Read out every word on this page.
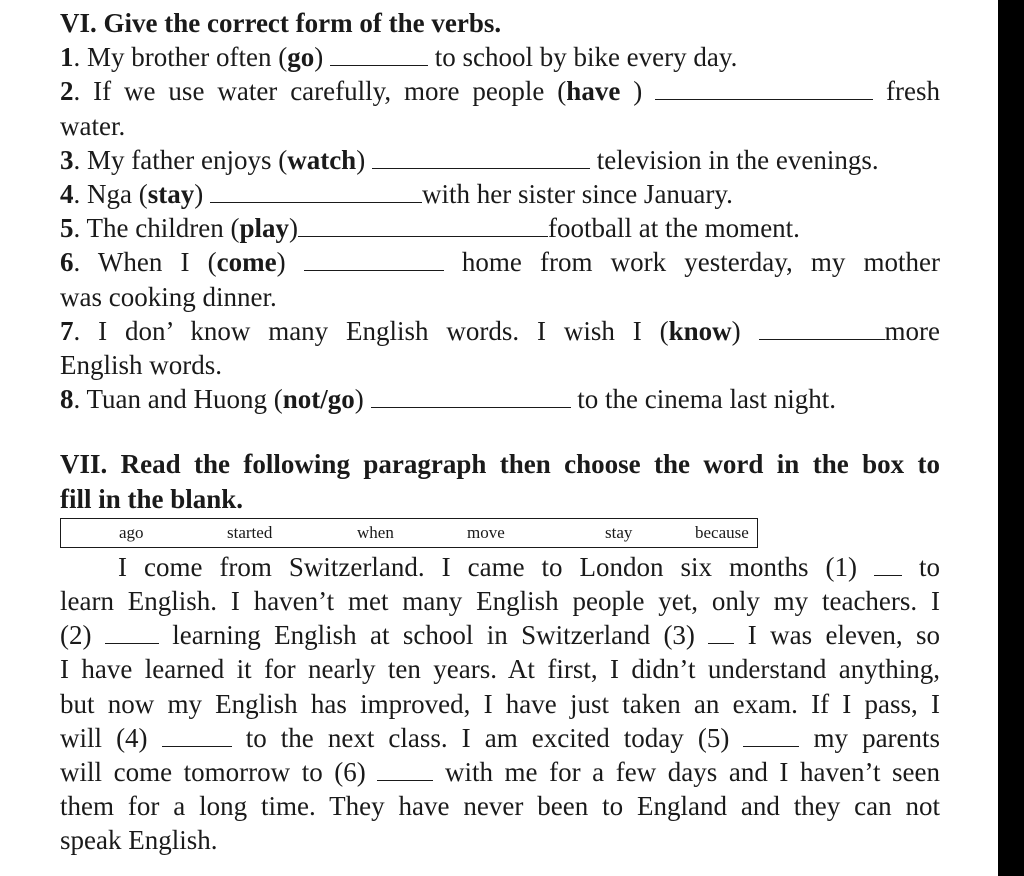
VI. Give the correct form of the verbs.
1. My brother often (go)	to school by bike every day.
2. If we use water carefully, more people (have )	fresh
water.
3. My father enjoys (watch)	television in the evenings.
4. Nga (stay)	with her sister since January.
5. The children (play)	football at the moment.
6. When I (come)	home from work yesterday, my mother
was cooking dinner.
7. I don’ know many English words. I wish I (know)	more
English words.
8. Tuan and Huong (not/go)	to the cinema last night.
VII. Read the following paragraph then choose the word in the box to
fill in the blank.
ago	started	when	move	stay	because
I come from Switzerland. I came to London six months (1) to
learn English. I haven’t met many English people yet, only my teachers. I
(2)	learning English at school in Switzerland (3) I was eleven, so
I have learned it for nearly ten years. At first, I didn’t understand anything,
but now my English has improved, I have just taken an exam. If I pass, I
will (4)	to the next class. I am excited today (5)	my parents
will come tomorrow to (6)	with me for a few days and I haven’t seen
them for a long time. They have never been to England and they can not
speak English.
